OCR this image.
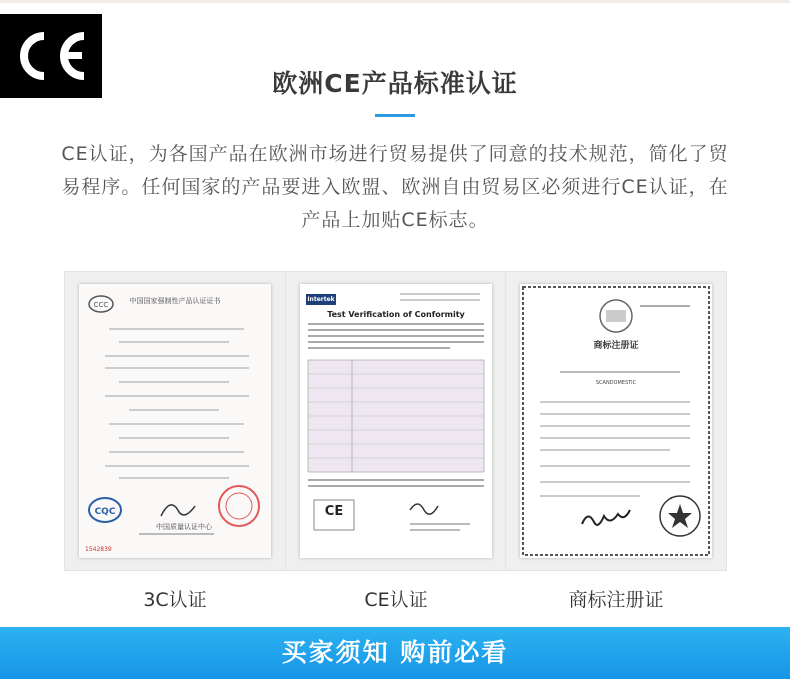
欧洲CE产品标准认证
CE认证，为各国产品在欧洲市场进行贸易提供了同意的技术规范，简化了贸易程序。任何国家的产品要进入欧盟、欧洲自由贸易区必须进行CE认证，在产品上加贴CE标志。
CCC
CQC
中国国家强制性产品认证证书
中国质量认证中心
1542839
3C认证
Intertek
Test Verification of Conformity
CE
CE认证
商标注册证
SCANDOMESTIC
商标注册证
买家须知 购前必看
